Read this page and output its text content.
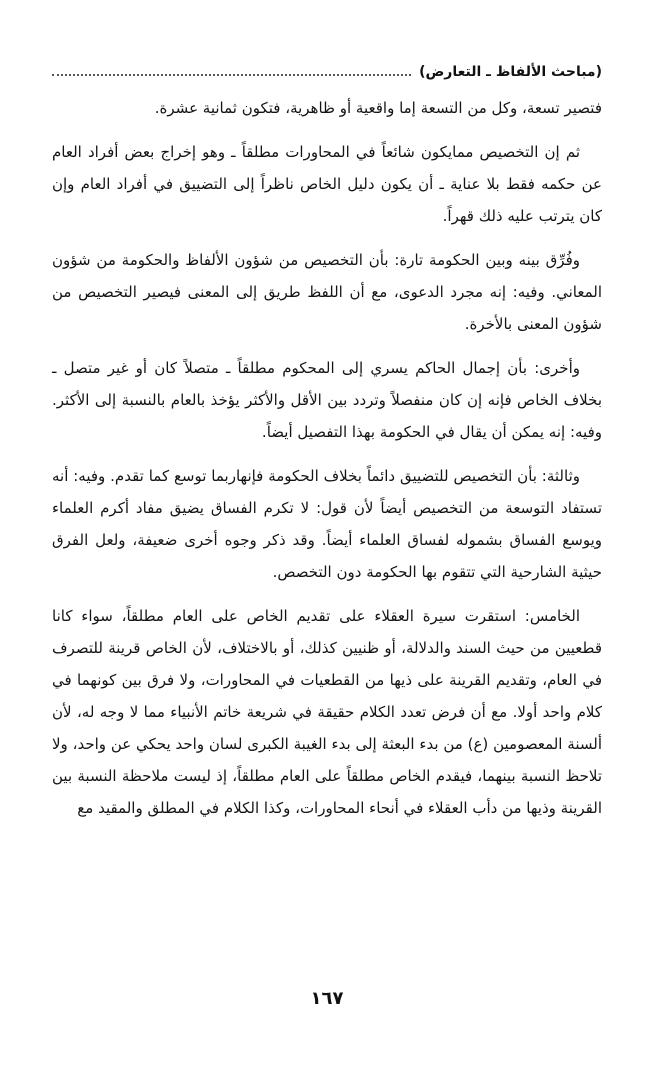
(مباحث الألفاظ ـ التعارض)

فتصير تسعة، وكل من التسعة إما واقعية أو ظاهرية، فتكون ثمانية عشرة.

ثم إن التخصيص ممايكون شائعاً في المحاورات مطلقاً ـ وهو إخراج بعض أفراد العام عن حكمه فقط بلا عناية ـ أن يكون دليل الخاص ناظراً إلى التضييق في أفراد العام وإن كان يترتب عليه ذلك قهراً.

وفُرِّق بينه وبين الحكومة تارة: بأن التخصيص من شؤون الألفاظ والحكومة من شؤون المعاني. وفيه: إنه مجرد الدعوى، مع أن اللفظ طريق إلى المعنى فيصير التخصيص من شؤون المعنى بالأخرة.

وأخرى: بأن إجمال الحاكم يسري إلى المحكوم مطلقاً ـ متصلاً كان أو غير متصل ـ بخلاف الخاص فإنه إن كان منفصلاً وتردد بين الأقل والأكثر يؤخذ بالعام بالنسبة إلى الأكثر. وفيه: إنه يمكن أن يقال في الحكومة بهذا التفصيل أيضاً.

وثالثة: بأن التخصيص للتضييق دائماً بخلاف الحكومة فإنهاربما توسع كما تقدم. وفيه: أنه تستفاد التوسعة من التخصيص أيضاً لأن قول: لا تكرم الفساق يضيق مفاد أكرم العلماء ويوسع الفساق بشموله لفساق العلماء أيضاً. وقد ذكر وجوه أخرى ضعيفة، ولعل الفرق حيثية الشارحية التي تتقوم بها الحكومة دون التخصص.

الخامس: استقرت سيرة العقلاء على تقديم الخاص على العام مطلقاً، سواء كانا قطعيين من حيث السند والدلالة، أو ظنيين كذلك، أو بالاختلاف، لأن الخاص قرينة للتصرف في العام، وتقديم القرينة على ذيها من القطعيات في المحاورات، ولا فرق بين كونهما في كلام واحد أولا. مع أن فرض تعدد الكلام حقيقة في شريعة خاتم الأنبياء مما لا وجه له، لأن ألسنة المعصومين (ع) من بدء البعثة إلى بدء الغيبة الكبرى لسان واحد يحكي عن واحد، ولا تلاحظ النسبة بينهما، فيقدم الخاص مطلقاً على العام مطلقاً، إذ ليست ملاحظة النسبة بين القرينة وذيها من دأب العقلاء في أنحاء المحاورات، وكذا الكلام في المطلق والمقيد مع

١٦٧
